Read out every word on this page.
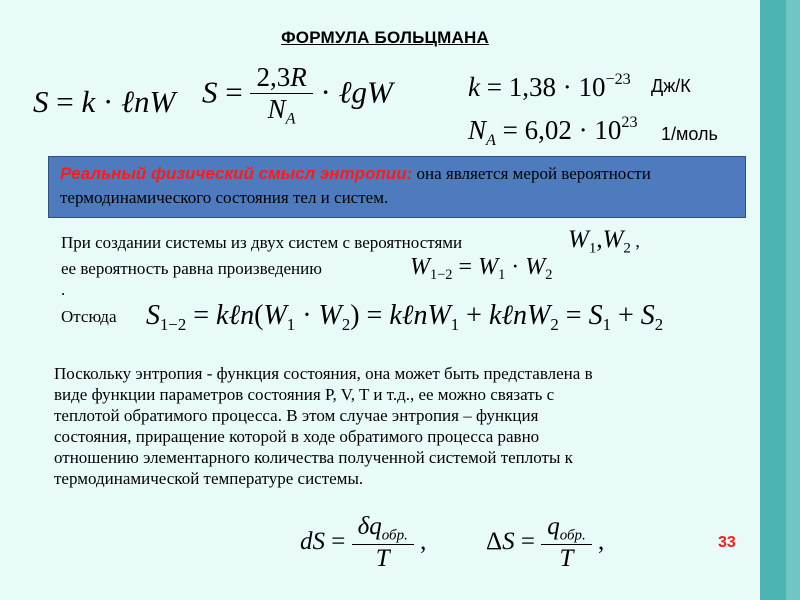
ФОРМУЛА БОЛЬЦМАНА
S = k · ℓnW $S = \frac{2,3R}{N_A}$ · ℓgW	$k = 1,38 \cdot 10^{-23}$ Дж/К
$N_A = 6,02 \cdot 10^{23}$
1/моль
Реальный физический смысл энтропии: она является мерой вероятности
термодинамического состояния тел и систем.
При создании системы из двух систем с вероятностями	$W_1,W_2$ ,
ее вероятность равна произведению	$W_{1-2} = W_1 \cdot W_2$
.
Отсюда $S_{1-2}$ = $k\ell n(W_1 \cdot W_2)$ = kℓnW$_1$ + kℓnW$_2$ = $S_1 + S_2$
Поскольку энтропия - функция состояния, она может быть представлена в
виде функции параметров состояния P, V, T и т.д., ее можно связать с
теплотой обратимого процесса. В этом случае энтропия – функция
состояния, приращение которой в ходе обратимого процесса равно
отношению элементарного количества полученной системой теплоты к
термодинамической температуре системы.
dS = $\frac{\delta q_{обр.}}{T}$ , $\Delta S = \frac{q_{обр.}}{T}$ ,	33
